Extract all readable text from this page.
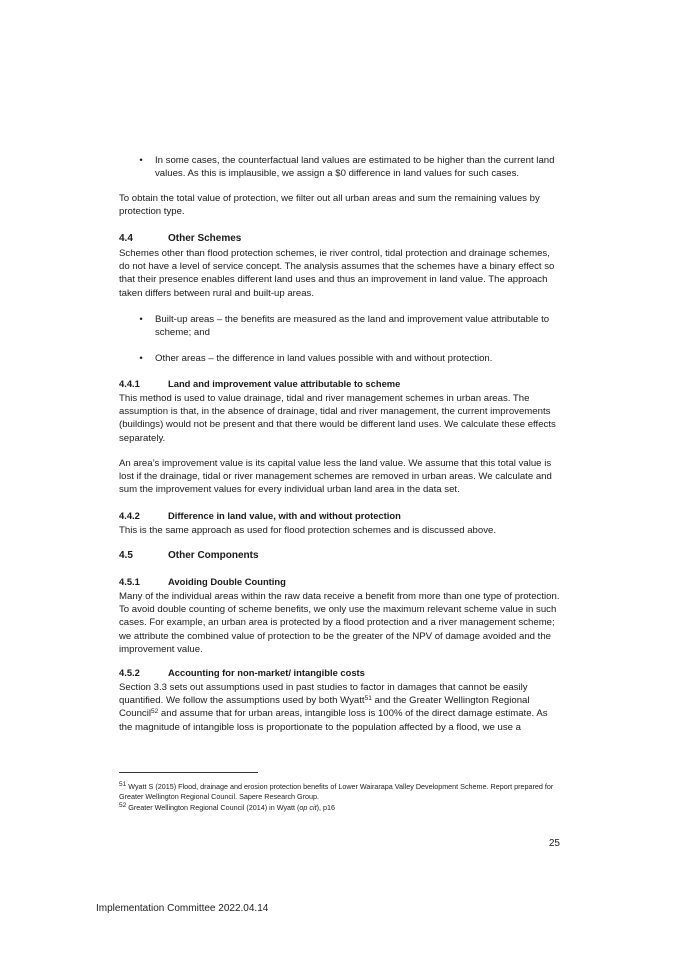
• In some cases, the counterfactual land values are estimated to be higher than the current land values. As this is implausible, we assign a $0 difference in land values for such cases.

To obtain the total value of protection, we filter out all urban areas and sum the remaining values by protection type.

4.4	Other Schemes

Schemes other than flood protection schemes, ie river control, tidal protection and drainage schemes, do not have a level of service concept. The analysis assumes that the schemes have a binary effect so that their presence enables different land uses and thus an improvement in land value. The approach taken differs between rural and built-up areas.

• Built-up areas – the benefits are measured as the land and improvement value attributable to scheme; and

• Other areas – the difference in land values possible with and without protection.

4.4.1	Land and improvement value attributable to scheme

This method is used to value drainage, tidal and river management schemes in urban areas. The assumption is that, in the absence of drainage, tidal and river management, the current improvements (buildings) would not be present and that there would be different land uses. We calculate these effects separately.

An area’s improvement value is its capital value less the land value. We assume that this total value is lost if the drainage, tidal or river management schemes are removed in urban areas. We calculate and sum the improvement values for every individual urban land area in the data set.

4.4.2	Difference in land value, with and without protection

This is the same approach as used for flood protection schemes and is discussed above.

4.5	Other Components
4.5.1	Avoiding Double Counting

Many of the individual areas within the raw data receive a benefit from more than one type of protection. To avoid double counting of scheme benefits, we only use the maximum relevant scheme value in such cases. For example, an urban area is protected by a flood protection and a river management scheme; we attribute the combined value of protection to be the greater of the NPV of damage avoided and the improvement value.

4.5.2	Accounting for non-market/ intangible costs

Section 3.3 sets out assumptions used in past studies to factor in damages that cannot be easily quantified. We follow the assumptions used by both Wyatt$^{51}$ and the Greater Wellington Regional Council$^{52}$ and assume that for urban areas, intangible loss is 100% of the direct damage estimate. As the magnitude of intangible loss is proportionate to the population affected by a flood, we use a

$^{51}$ Wyatt S (2015) Flood, drainage and erosion protection benefits of Lower Wairarapa Valley Development Scheme. Report prepared for Greater Wellington Regional Council. Sapere Research Group.

$^{52}$ Greater Wellington Regional Council (2014) in Wyatt (op cit), p16

25
Implementation Committee 2022.04.14
